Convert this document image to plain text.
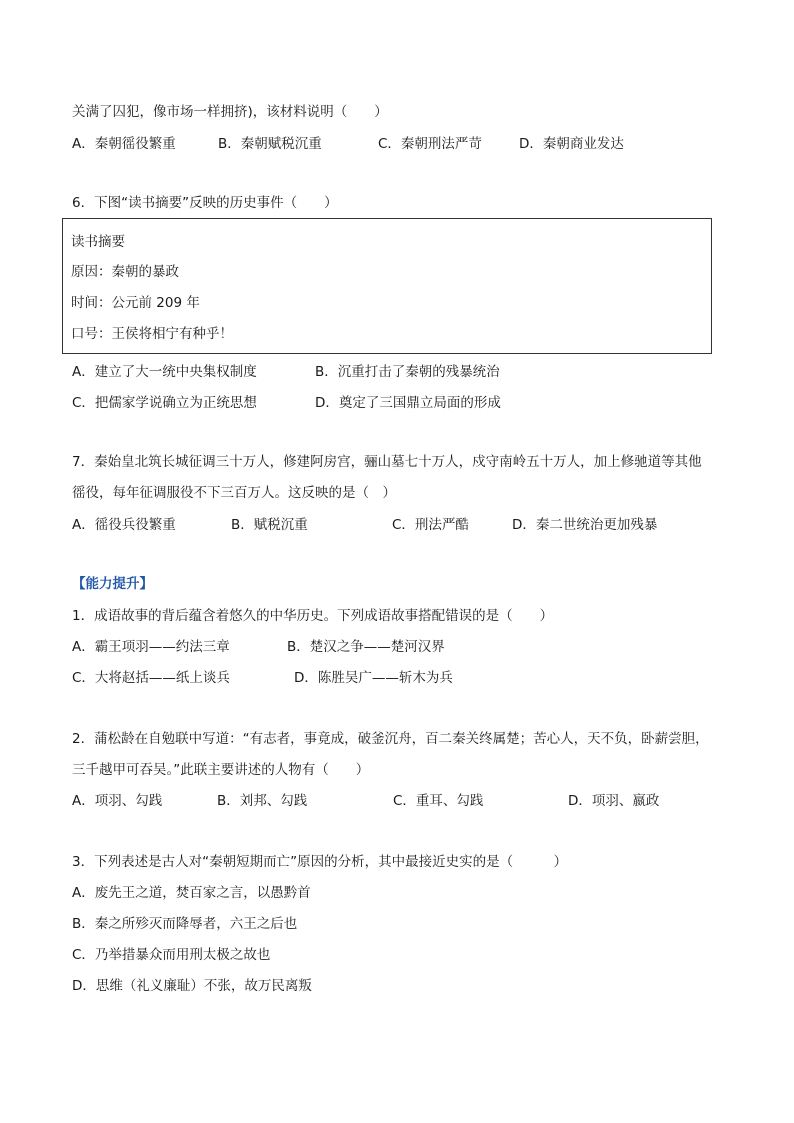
关满了囚犯，像市场一样拥挤)，该材料说明（　　）
A．秦朝徭役繁重	B．秦朝赋税沉重	C．秦朝刑法严苛	D．秦朝商业发达
6．下图“读书摘要”反映的历史事件（　　）
读书摘要
原因：秦朝的暴政
时间：公元前 209 年
口号：王侯将相宁有种乎！
A．建立了大一统中央集权制度	B．沉重打击了秦朝的残暴统治
C．把儒家学说确立为正统思想	D．奠定了三国鼎立局面的形成
7．秦始皇北筑长城征调三十万人，修建阿房宫，骊山墓七十万人，戍守南岭五十万人，加上修驰道等其他
徭役，每年征调服役不下三百万人。这反映的是（　）
A．徭役兵役繁重	B．赋税沉重	C．刑法严酷	D．秦二世统治更加残暴
【能力提升】
1．成语故事的背后蕴含着悠久的中华历史。下列成语故事搭配错误的是（　　）
A．霸王项羽——约法三章	B．楚汉之争——楚河汉界
C．大将赵括——纸上谈兵	D．陈胜吴广——斩木为兵
2．蒲松龄在自勉联中写道：“有志者，事竟成，破釜沉舟，百二秦关终属楚；苦心人，天不负，卧薪尝胆，
三千越甲可吞吴。”此联主要讲述的人物有（　　）
A．项羽、勾践	B．刘邦、勾践	C．重耳、勾践	D．项羽、嬴政
3．下列表述是古人对“秦朝短期而亡”原因的分析，其中最接近史实的是（　　　）
A．废先王之道，焚百家之言，以愚黔首
B．秦之所殄灭而降辱者，六王之后也
C．乃举措暴众而用刑太极之故也
D．思维（礼义廉耻）不张，故万民离叛
